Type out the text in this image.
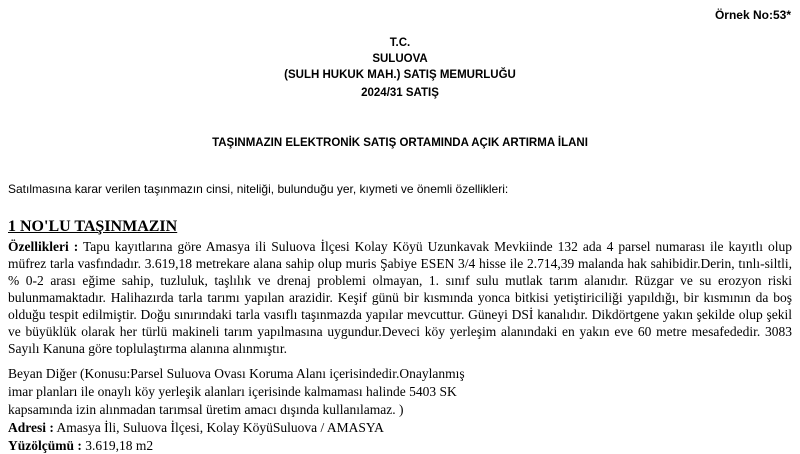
Örnek No:53*
T.C.
SULUOVA
(SULH HUKUK MAH.) SATIŞ MEMURLUĞU
2024/31 SATIŞ
TAŞINMAZIN ELEKTRONİK SATIŞ ORTAMINDA AÇIK ARTIRMA İLANI
Satılmasına karar verilen taşınmazın cinsi, niteliği, bulunduğu yer, kıymeti ve önemli özellikleri:
1 NO'LU TAŞINMAZIN
Özellikleri : Tapu kayıtlarına göre Amasya ili Suluova İlçesi Kolay Köyü Uzunkavak Mevkiinde 132 ada 4 parsel numarası ile kayıtlı olup müfrez tarla vasfındadır. 3.619,18 metrekare alana sahip olup muris Şabiye ESEN 3/4 hisse ile 2.714,39 malanda hak sahibidir.Derin, tınlı-siltli, % 0-2 arası eğime sahip, tuzluluk, taşlılık ve drenaj problemi olmayan, 1. sınıf sulu mutlak tarım alanıdır. Rüzgar ve su erozyon riski bulunmamaktadır. Halihazırda tarla tarımı yapılan arazidir. Keşif günü bir kısmında yonca bitkisi yetiştiriciliği yapıldığı, bir kısmının da boş olduğu tespit edilmiştir. Doğu sınırındaki tarla vasıflı taşınmazda yapılar mevcuttur. Güneyi DSİ kanalıdır. Dikdörtgene yakın şekilde olup şekil ve büyüklük olarak her türlü makineli tarım yapılmasına uygundur.Deveci köy yerleşim alanındaki en yakın eve 60 metre mesafededir. 3083 Sayılı Kanuna göre toplulaştırma alanına alınmıştır.
Beyan Diğer (Konusu:Parsel Suluova Ovası Koruma Alanı içerisindedir.Onaylanmış
imar planları ile onaylı köy yerleşik alanları içerisinde kalmaması halinde 5403 SK
kapsamında izin alınmadan tarımsal üretim amacı dışında kullanılamaz. )
Adresi : Amasya İli, Suluova İlçesi, Kolay KöyüSuluova / AMASYA
Yüzölçümü : 3.619,18 m2
